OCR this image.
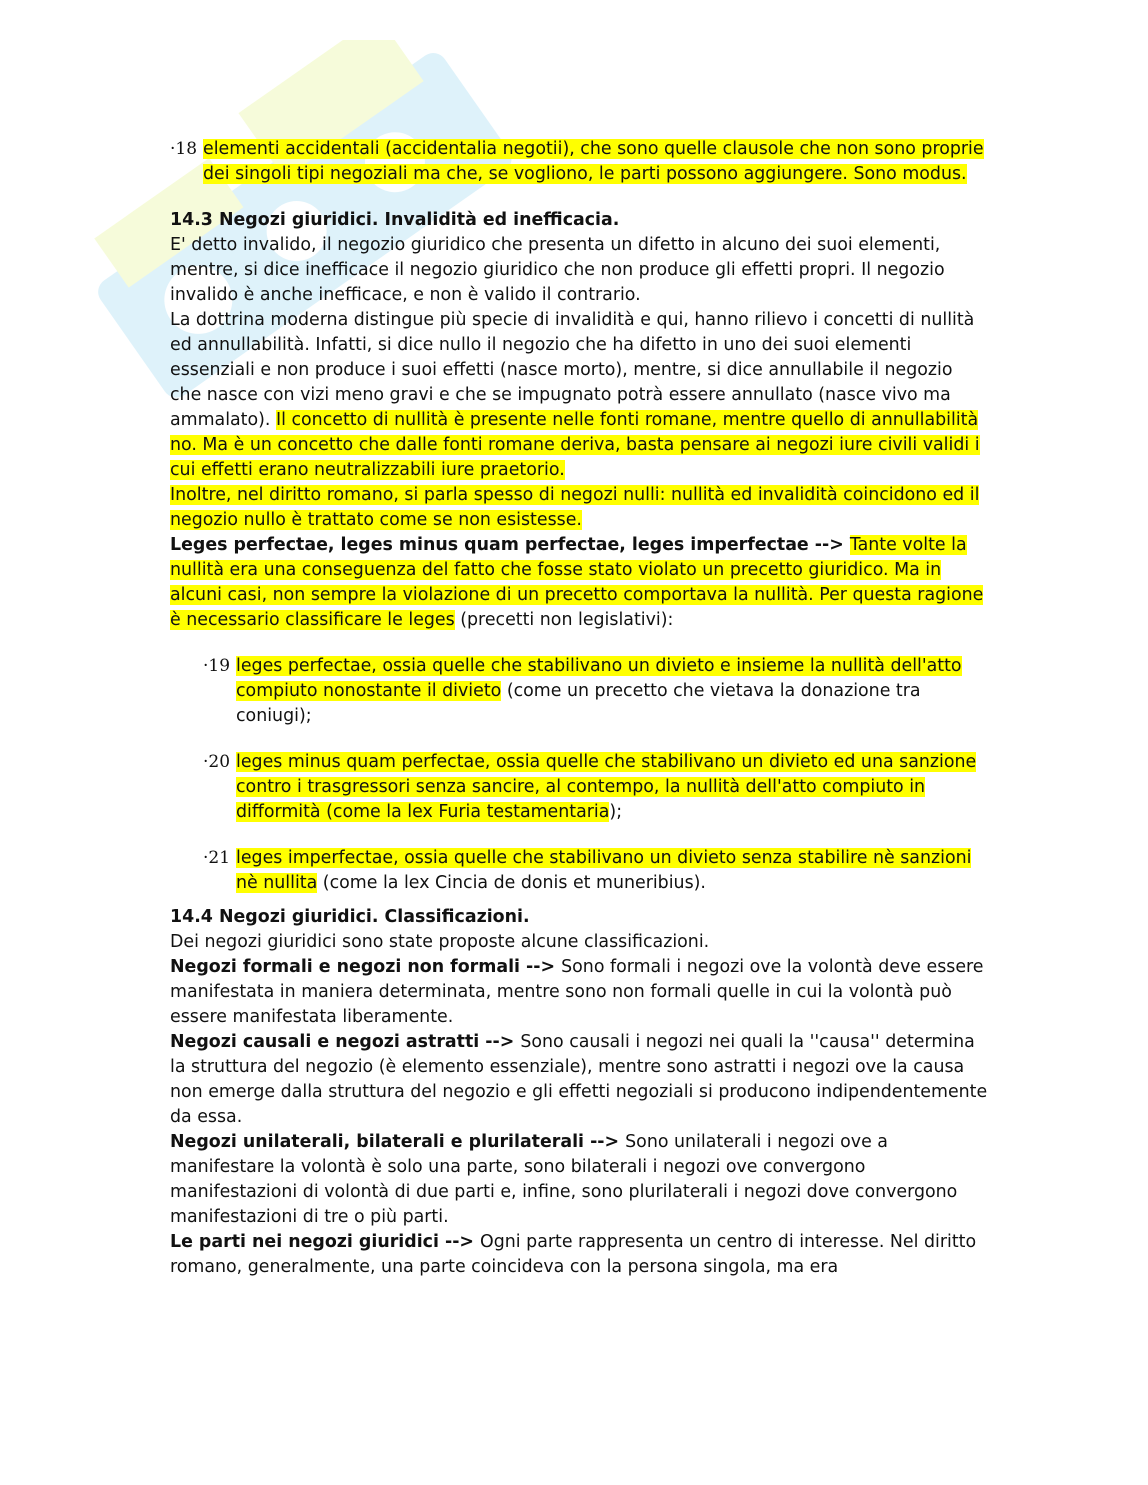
·18 elementi accidentali (accidentalia negotii), che sono quelle clausole che non sono proprie dei singoli tipi negoziali ma che, se vogliono, le parti possono aggiungere. Sono modus.

14.3 Negozi giuridici. Invalidità ed inefficacia.

E' detto invalido, il negozio giuridico che presenta un difetto in alcuno dei suoi elementi, mentre, si dice inefficace il negozio giuridico che non produce gli effetti propri. Il negozio invalido è anche inefficace, e non è valido il contrario.

La dottrina moderna distingue più specie di invalidità e qui, hanno rilievo i concetti di nullità ed annullabilità. Infatti, si dice nullo il negozio che ha difetto in uno dei suoi elementi essenziali e non produce i suoi effetti (nasce morto), mentre, si dice annullabile il negozio che nasce con vizi meno gravi e che se impugnato potrà essere annullato (nasce vivo ma ammalato). Il concetto di nullità è presente nelle fonti romane, mentre quello di annullabilità no. Ma è un concetto che dalle fonti romane deriva, basta pensare ai negozi iure civili validi i cui effetti erano neutralizzabili iure praetorio.

Inoltre, nel diritto romano, si parla spesso di negozi nulli: nullità ed invalidità coincidono ed il negozio nullo è trattato come se non esistesse.

Leges perfectae, leges minus quam perfectae, leges imperfectae --> Tante volte la nullità era una conseguenza del fatto che fosse stato violato un precetto giuridico. Ma in alcuni casi, non sempre la violazione di un precetto comportava la nullità. Per questa ragione è necessario classificare le leges (precetti non legislativi):

·19 leges perfectae, ossia quelle che stabilivano un divieto e insieme la nullità dell'atto compiuto nonostante il divieto (come un precetto che vietava la donazione tra coniugi);
·20 leges minus quam perfectae, ossia quelle che stabilivano un divieto ed una sanzione contro i trasgressori senza sancire, al contempo, la nullità dell'atto compiuto in difformità (come la lex Furia testamentaria);
·21 leges imperfectae, ossia quelle che stabilivano un divieto senza stabilire nè sanzioni nè nullita (come la lex Cincia de donis et muneribius).

14.4 Negozi giuridici. Classificazioni.

Dei negozi giuridici sono state proposte alcune classificazioni.

Negozi formali e negozi non formali --> Sono formali i negozi ove la volontà deve essere manifestata in maniera determinata, mentre sono non formali quelle in cui la volontà può essere manifestata liberamente.

Negozi causali e negozi astratti --> Sono causali i negozi nei quali la ''causa'' determina la struttura del negozio (è elemento essenziale), mentre sono astratti i negozi ove la causa non emerge dalla struttura del negozio e gli effetti negoziali si producono indipendentemente da essa.

Negozi unilaterali, bilaterali e plurilaterali --> Sono unilaterali i negozi ove a manifestare la volontà è solo una parte, sono bilaterali i negozi ove convergono manifestazioni di volontà di due parti e, infine, sono plurilaterali i negozi dove convergono manifestazioni di tre o più parti.

Le parti nei negozi giuridici --> Ogni parte rappresenta un centro di interesse. Nel diritto romano, generalmente, una parte coincideva con la persona singola, ma era
